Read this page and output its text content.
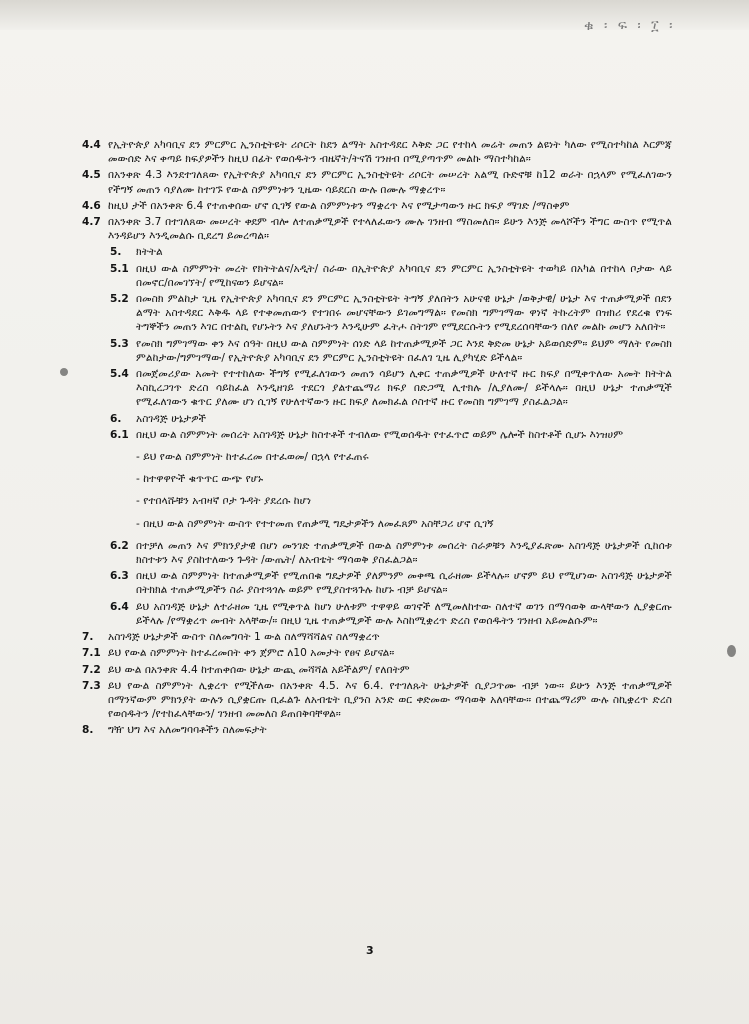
ቁ ፡ ፍ ፡ ፲ ፡
4.4 የኢትዮጵያ አካባቢና ደን ምርምር ኢንስቲትዩት ሪሶርት ከደን ልማት አስተዳደር እቅድ ጋር የተከላ መሬት መጠን ልዩነት ካለው የሚስተካከል እርምጃ መውሰድ እና ቀጣይ ክፍያዎችን ከዚህ በፊት የወሰዱትን ብዜኛት/ትናሽ ገንዘብ በሚያጣጥም መልኩ ማስተካከል።
4.5 በአንቀጽ 4.3 እንደተገለጸው የኢትዮጵያ አካባቢና ደን ምርምር ኢንስቲትዩት ሪሶርት መሠረት አልሚ ቡድኖቹ ከ12 ወራት በኋላም የሚፈለገውን የችግኝ መጠን ሳያለሙ ከተገኙ የውል ስምምነቱን ጊዜው ሳይደርስ ውሉ በሙሉ ማቋረጥ።
4.6 ከዚህ ታች በአንቀጽ 6.4 የተጠቀሰው ሆኖ ሲገኝ የውል ስምምነቱን ማቋረጥ እና የሚታጣውን ዙር ክፍያ ማገድ /ማስቀም
4.7 በአንቀጽ 3.7 በተገለጸው መሠረት ቀደም ብሎ ለተጠቃሚዎች የተላለፈውን ሙሉ ገንዘብ ማስመለስ። ይሁን እንጅ መላሾችን ችግር ውስጥ የሚጥል እንዳይሆን እንዲመልሱ ቢደረግ ይመረጣል።
5.	ክትትል
5.1 በዚህ ውል ስምምነት መረት የክትትልና/አዲት/ ስራው በኢትዮጵያ አካባቢና ደን ምርምር ኢንስቲትዩት ተወካይ በአካል በተከላ ቦታው ላይ በመኖር/በመገኘት/ የሚከናወን ይሆናል።
5.2 በመስክ ምልከታ ጊዜ የኢትዮጵያ አካባቢና ደን ምርምር ኢንስቲትዩት ትግኝ ያለበትን አሁናዊ ሁኔታ /ወቅታዊ/ ሁኔታ እና ተጠቃሚዎች በደን ልማት አስተዳደር እቅዱ ላይ የተቀመጠውን የተገበሩ መሆናቸውን ይገመግማል። የመስክ ግምገማው ዋነኛ ትኩረትም በዝክሪ የደረቁ የነፍ ትግኞችን መጠን እገር በተልኪ የሆኑትን እና ያለሆኑትን እንዲሁም ፈትሖ ስትገም የሚደርሱትን የሚደረሰባቸውን በለየ መልኩ መሆን አለበት።
5.3 የመስክ ግምገማው ቀን እና ሰዓት በዚህ ውል ስምምነት ሰነድ ላይ ከተጠቃሚዎች ጋር እንደ ቅድመ ሁኔታ አይወሰድም። ይህም ማለት የመስክ ምልከታው/ግምገማው/ የኢትዮጵያ አካባቢና ደን ምርምር ኢንስቲትዩት በፈለገ ጊዜ ሊያካሂድ ይችላል።
5.4 በመጀመሪያው አመት የተተከለው ችግኝ የሚፈለገውን መጠን ሳይሆን ሊቀር ተጠቃሚዎች ሁለተኛ ዙር ክፍያ በሚቀጥለው አመት ክትትል እስኪረጋገጥ ድረስ ሳይከፈል እንዲዘገይ ተደርጎ ያልተጨማሪ ክፍያ በድጋሚ ሊተክሉ /ሊያለሙ/ ይችላሉ። በዚህ ሁኔታ ተጠቃሚች የሚፈለገውን ቁጥር ያለሙ ሆነ ሲገኝ የሁለተኛውን ዙር ክፍያ ለመክፈል ሶስተኛ ዙር የመስክ ግምገማ ያስፈልጋል።
6.	አስገዳጅ ሁኔታዎች
6.1 በዚህ ውል ስምምነት መሰረት አስገዳጅ ሁኔታ ከስተቶች ተብለው የሚወሰዱት የተፈጥሮ ወይም ሌሎች ከስተቶች ሲሆኑ እነዝሀም
- ይህ የውል ስምምነት ከተፈረመ በተፈወመ/ በኋላ የተፈጠሩ
- ከተዋዋዮች ቁጥጥር ውጭ የሆኑ
- የተበላሹቹን አብዛኛ ቦታ ጉዳት ያደረሱ ከሆነ
- በዚህ ውል ስምምነት ውስጥ የተተመጠ የጠቃሚ ግዴታዎችን ለመፈጸም አስቸጋሪ ሆኖ ሲገኝ
6.2 በተቻለ መጠን እና ምክንያታዊ በሆነ መንገድ ተጠቃሚዎች በውል ስምምነቱ መሰረት ስራዎቹን እንዲያፈጽሙ አስገዳጅ ሁኔታዎች ሲከሰቱ ክስተቱን እና ያስከተለውን ጉዳት /ውጤት/ ለአብቴት ማሳወቅ ያስፈልጋል።
6.3 በዚህ ውል ስምምነት ከተጠቃሚዎች የሚጠበቁ ግዴታዎች ያለምንም መቀጫ ሲራዘሙ ይችላሉ። ሆኖም ይህ የሚሆነው አስገዳጅ ሁኔታዎች በትክክል ተጠቃሚዎችን ስራ ያስተጓጎሉ ወይም የሚያስተጓጉሉ ከሆኑ ብቻ ይሆናል።
6.4 ይህ አስገዳጅ ሁኔታ ለተራዘመ ጊዜ የሚቀጥል ከሆነ ሁለቱም ተዋዋይ ወገኖች ለሚመለከተው ስለተኛ ወገን በማሳወቅ ውላቸውን ሊያቋርጡ ይችላሉ /የማቋረጥ መብት አላቸው/። በዚህ ጊዜ ተጠቃሚዎች ውሉ እስከሚቋረጥ ድረስ የወሰዱትን ገንዘብ አይመልሱም።
7.	አስገዳጅ ሁኔታዎች ውስጥ ስለመግባት 1 ውል ስለማሻሻልና ስለማቋረጥ
7.1 ይህ የውል ስምምነት ከተፈረመበት ቀን ጀምሮ ለ10 አመታት የፀና ይሆናል።
7.2 ይህ ውል በአንቀጽ 4.4 ከተጠቀሰው ሁኔታ ውጪ መሻሻል አይችልም/ የለበትም
7.3 ይህ የውል ስምምነት ሊቋረጥ የሚችለው በአንቀጽ 4.5. እና 6.4. የተገለጹት ሁኔታዎች ሲያጋጥሙ ብቻ ነው። ይሁን እንጅ ተጠቃሚዎች በማንኛውም ምክንያት ውሉን ሲያቋርጡ ቢፈልጉ ለአብቴት ቢያንስ አንድ ወር ቀድመው ማሳወቅ አለባቸው። በተጨማሪም ውሉ ስኪቋረጥ ድረስ የወሰዱትን /የተከፈላቸውን/ ገንዘብ መመለስ ይጠበቅባቸዋል።
8.	ግዥ ህግ እና አለመግባባቶችን ስለመፍታት
3
